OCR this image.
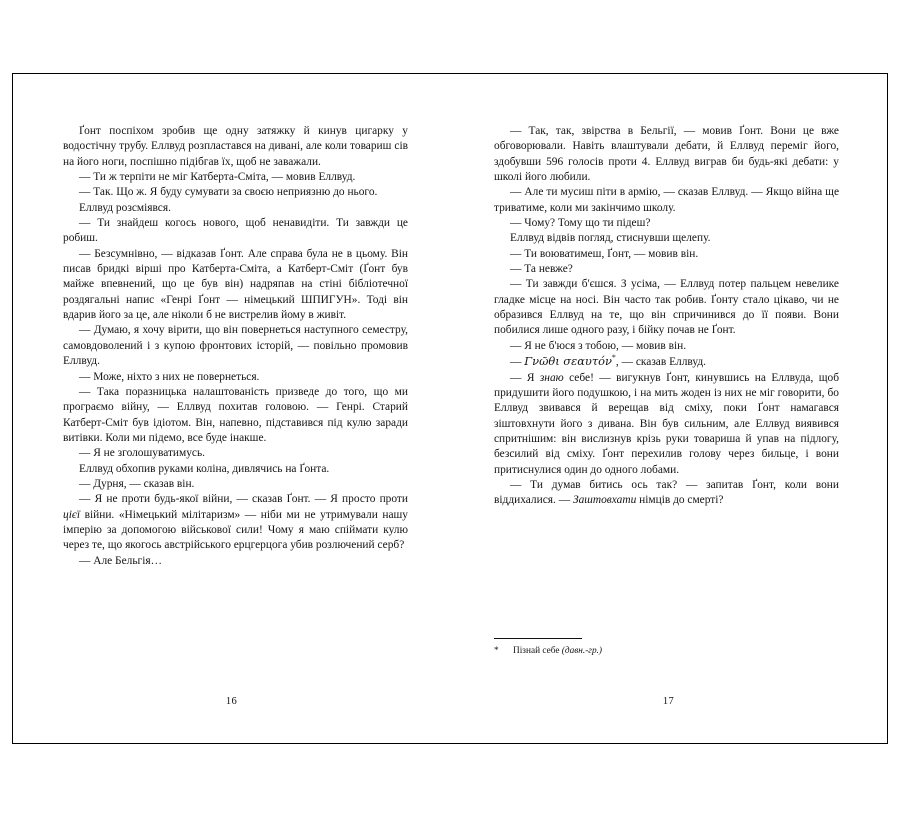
Ґонт поспіхом зробив ще одну затяжку й кинув цигарку у водостічну трубу. Еллвуд розпластався на дивані, але коли товариш сів на його ноги, поспішно підібгав їх, щоб не заважали.

— Ти ж терпіти не міг Катберта-Сміта, — мовив Еллвуд.

— Так. Що ж. Я буду сумувати за своєю неприязню до нього.

Еллвуд розсміявся.

— Ти знайдеш когось нового, щоб ненавидіти. Ти завжди це робиш.

— Безсумнівно, — відказав Ґонт. Але справа була не в цьому. Він писав бридкі вірші про Катберта-Сміта, а Катберт-Сміт (Ґонт був майже впевнений, що це був він) надряпав на стіні бібліотечної роздягальні напис «Генрі Ґонт — німецький ШПИГУН». Тоді він вдарив його за це, але ніколи б не вистрелив йому в живіт.

— Думаю, я хочу вірити, що він повернеться наступного семестру, самовдоволений і з купою фронтових історій, — повільно промовив Еллвуд.

— Може, ніхто з них не повернеться.

— Така поразницька налаштованість призведе до того, що ми програємо війну, — Еллвуд похитав головою. — Генрі. Старий Катберт-Сміт був ідіотом. Він, напевно, підставився під кулю заради витівки. Коли ми підемо, все буде інакше.

— Я не зголошуватимусь.

Еллвуд обхопив руками коліна, дивлячись на Ґонта.

— Дурня, — сказав він.

— Я не проти будь-якої війни, — сказав Ґонт. — Я просто проти цієї війни. «Німецький мілітаризм» — ніби ми не утримували нашу імперію за допомогою військової сили! Чому я маю спіймати кулю через те, що якогось австрійського ерцгерцога убив розлючений серб?

— Але Бельгія…

16

— Так, так, звірства в Бельгії, — мовив Ґонт. Вони це вже обговорювали. Навіть влаштували дебати, й Еллвуд переміг його, здобувши 596 голосів проти 4. Еллвуд виграв би будь-які дебати: у школі його любили.

— Але ти мусиш піти в армію, — сказав Еллвуд. — Якщо війна ще триватиме, коли ми закінчимо школу.

— Чому? Тому що ти підеш?

Еллвуд відвів погляд, стиснувши щелепу.

— Ти воюватимеш, Ґонт, — мовив він.

— Та невже?

— Ти завжди б'єшся. З усіма, — Еллвуд потер пальцем невелике гладке місце на носі. Він часто так робив. Ґонту стало цікаво, чи не образився Еллвуд на те, що він спричинився до її появи. Вони побилися лише одного разу, і бійку почав не Ґонт.

— Я не б'юся з тобою, — мовив він.

— Γνῶθι σεαυτόν*, — сказав Еллвуд.

— Я знаю себе! — вигукнув Ґонт, кинувшись на Еллвуда, щоб придушити його подушкою, і на мить жоден із них не міг говорити, бо Еллвуд звивався й верещав від сміху, поки Ґонт намагався зіштовхнути його з дивана. Він був сильним, але Еллвуд виявився спритнішим: він вислизнув крізь руки товариша й упав на підлогу, безсилий від сміху. Ґонт перехилив голову через бильце, і вони притиснулися один до одного лобами.

— Ти думав битись ось так? — запитав Ґонт, коли вони віддихалися. — Заштовхати німців до смерті?

* Пізнай себе (давн.-гр.)
17
